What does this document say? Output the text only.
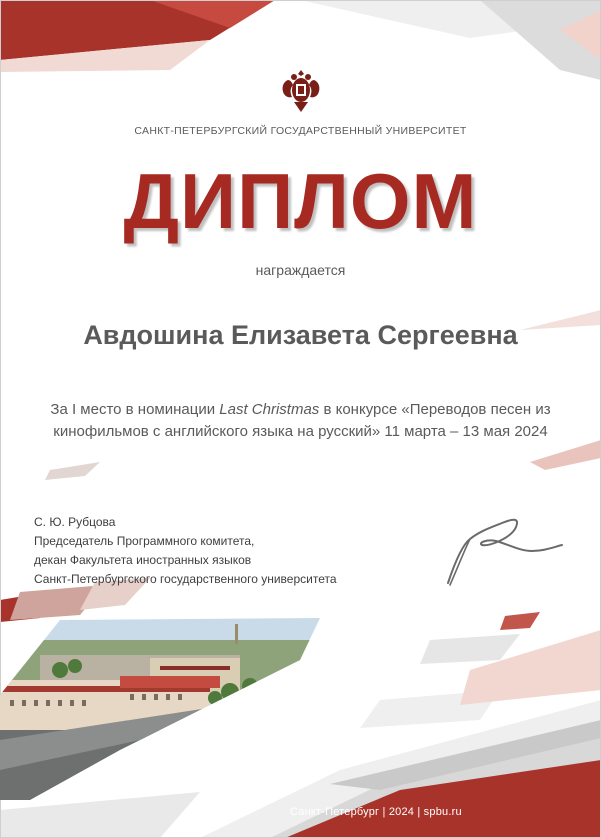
САНКТ-ПЕТЕРБУРГСКИЙ ГОСУДАРСТВЕННЫЙ УНИВЕРСИТЕТ
ДИПЛОМ
награждается
Авдошина Елизавета Сергеевна
За I место в номинации Last Christmas в конкурсе «Переводов песен из кинофильмов с английского языка на русский» 11 марта – 13 мая 2024
С. Ю. Рубцова
Председатель Программного комитета,
декан Факультета иностранных языков
Санкт-Петербургского государственного университета
Санкт-Петербург | 2024 | spbu.ru
